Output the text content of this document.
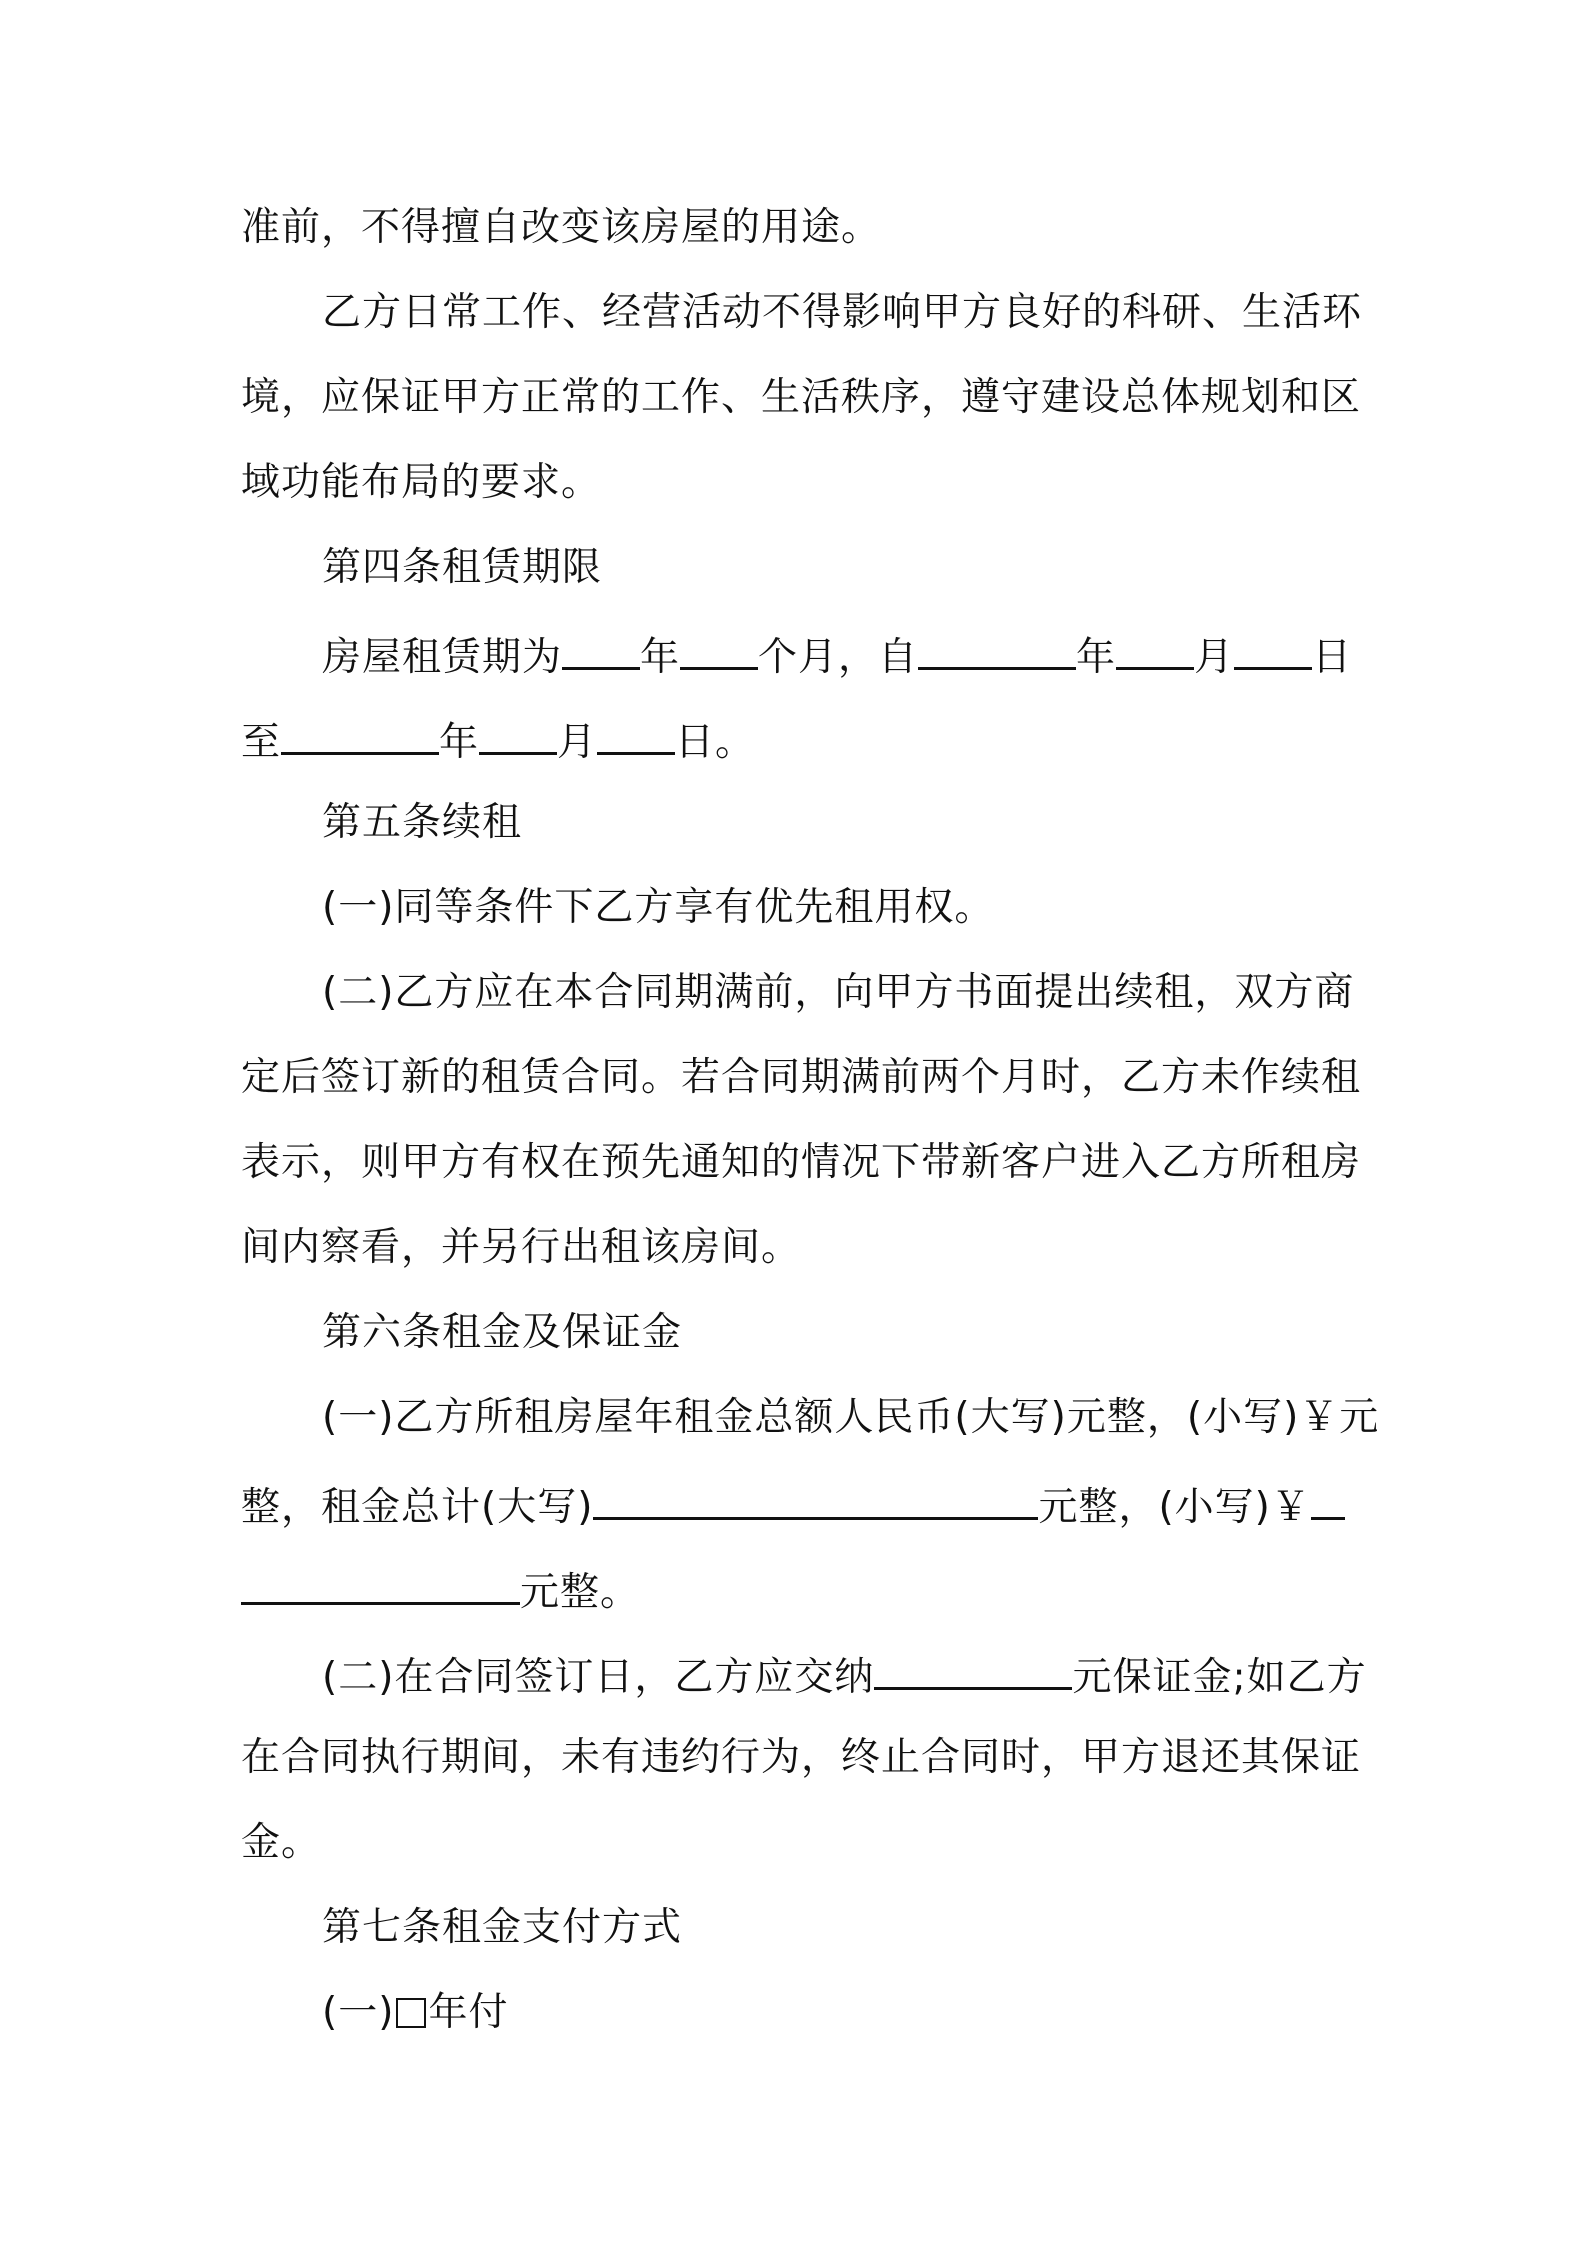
准前，不得擅自改变该房屋的用途。
乙方日常工作、经营活动不得影响甲方良好的科研、生活环
境，应保证甲方正常的工作、生活秩序，遵守建设总体规划和区
域功能布局的要求。
第四条租赁期限
房屋租赁期为 年 个月，自	年 月 日
至	年 月 日。
第五条续租
(一)同等条件下乙方享有优先租用权。
(二)乙方应在本合同期满前，向甲方书面提出续租，双方商
定后签订新的租赁合同。若合同期满前两个月时，乙方未作续租
表示，则甲方有权在预先通知的情况下带新客户进入乙方所租房
间内察看，并另行出租该房间。
第六条租金及保证金
(一)乙方所租房屋年租金总额人民币(大写)元整，(小写)￥元
整，租金总计(大写)	元整，(小写)￥
元整。
(二)在合同签订日，乙方应交纳	元保证金;如乙方
在合同执行期间，未有违约行为，终止合同时，甲方退还其保证
金。
第七条租金支付方式
(一) 年付
